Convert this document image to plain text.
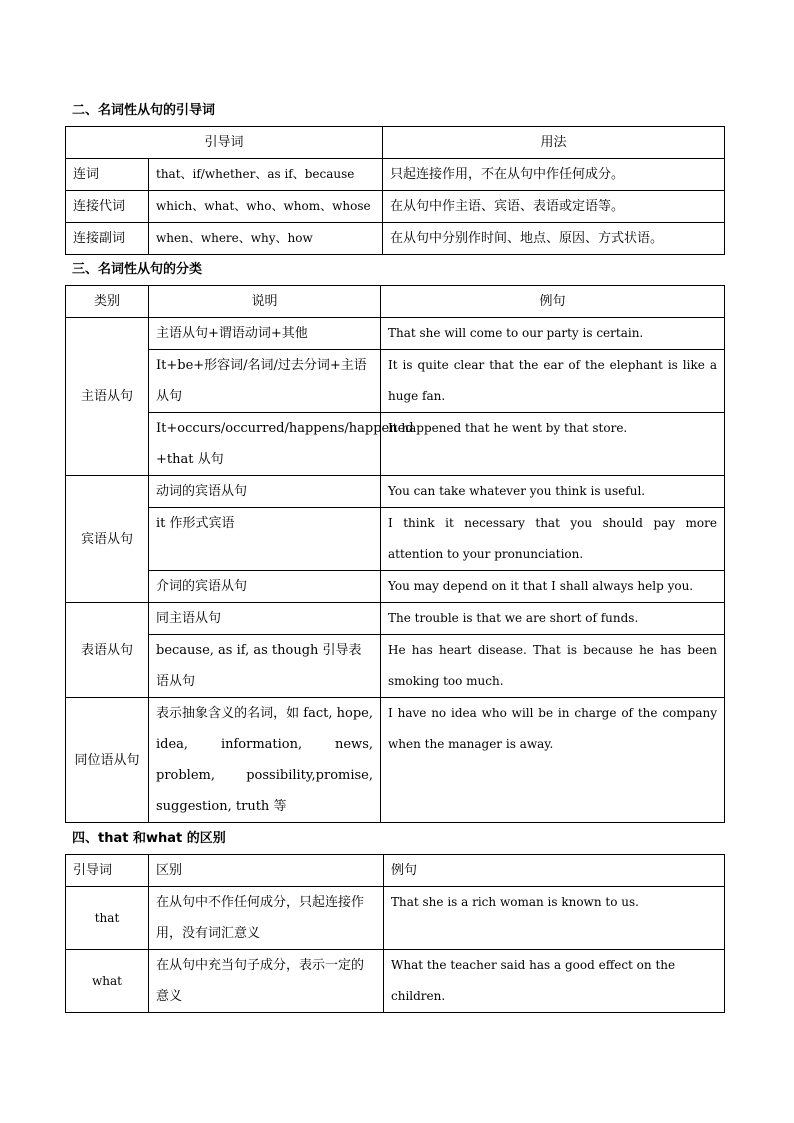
二、名词性从句的引导词
引导词		用法
连词	that、if/whether、as if、because	只起连接作用，不在从句中作任何成分。
连接代词	which、what、who、whom、whose	在从句中作主语、宾语、表语或定语等。
连接副词	when、where、why、how	在从句中分别作时间、地点、原因、方式状语。
三、名词性从句的分类
类别	说明	例句
主语从句	主语从句+谓语动词+其他	That she will come to our party is certain.
	It+be+形容词/名词/过去分词+主语从句	It is quite clear that the ear of the elephant is like a huge fan.
	It+occurs/occurred/happens/happened +that 从句	It happened that he went by that store.
宾语从句	动词的宾语从句	You can take whatever you think is useful.
	it 作形式宾语	I think it necessary that you should pay more attention to your pronunciation.
	介词的宾语从句	You may depend on it that I shall always help you.
表语从句	同主语从句	The trouble is that we are short of funds.
	because, as if, as though 引导表语从句	He has heart disease. That is because he has been smoking too much.
同位语从句	表示抽象含义的名词，如 fact, hope, idea, information, news, problem, possibility,promise, suggestion, truth 等	I have no idea who will be in charge of the company when the manager is away.
四、that 和what 的区别
引导词	区别	例句
that	在从句中不作任何成分，只起连接作用，没有词汇意义	That she is a rich woman is known to us.
what	在从句中充当句子成分，表示一定的意义	What the teacher said has a good effect on the children.
